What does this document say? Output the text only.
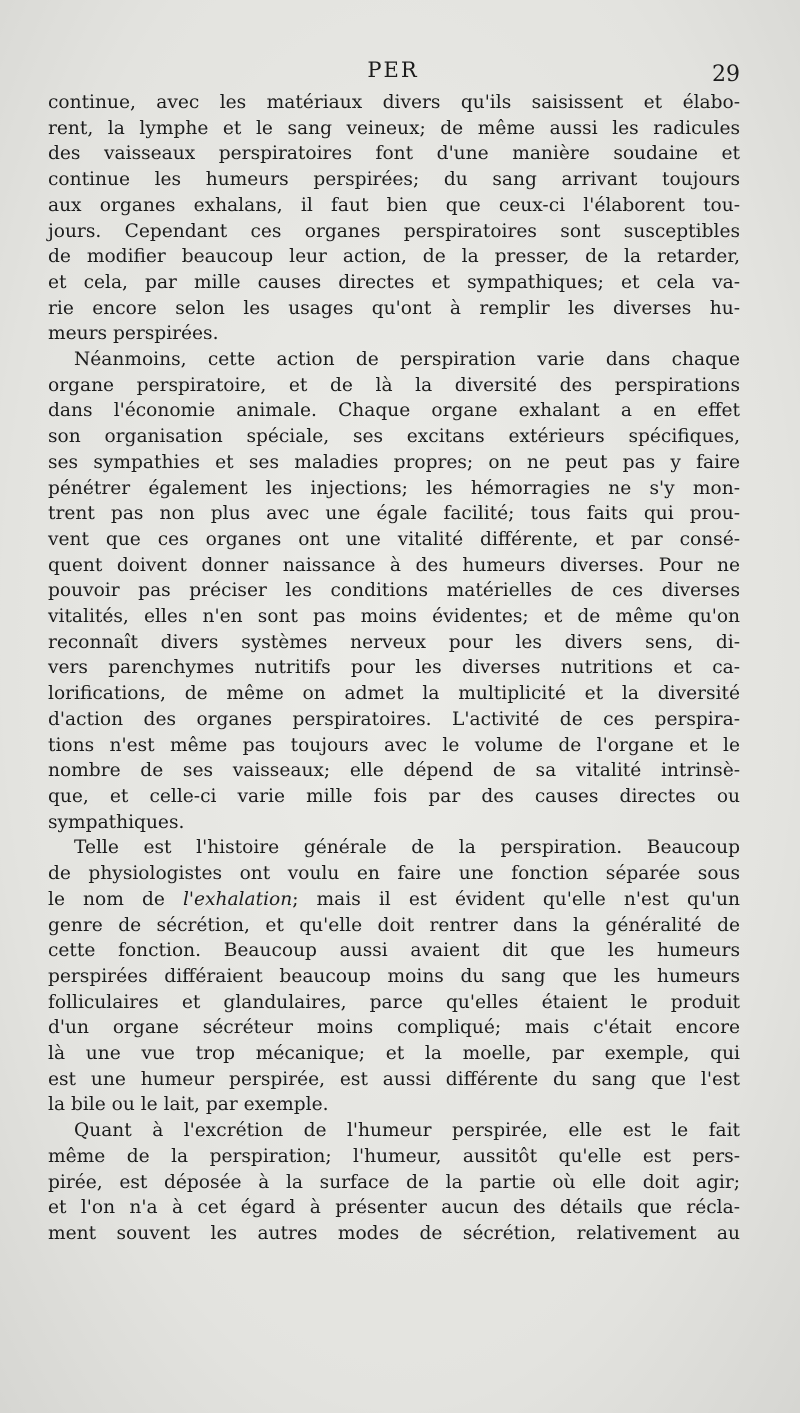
PER	29

continue, avec les matériaux divers qu'ils saisissent et élabo-
rent, la lymphe et le sang veineux; de même aussi les radicules
des vaisseaux perspiratoires font d'une manière soudaine et
continue les humeurs perspirées; du sang arrivant toujours
aux organes exhalans, il faut bien que ceux-ci l'élaborent tou-
jours. Cependant ces organes perspiratoires sont susceptibles
de modifier beaucoup leur action, de la presser, de la retarder,
et cela, par mille causes directes et sympathiques; et cela va-
rie encore selon les usages qu'ont à remplir les diverses hu-
meurs perspirées.

Néanmoins, cette action de perspiration varie dans chaque
organe perspiratoire, et de là la diversité des perspirations
dans l'économie animale. Chaque organe exhalant a en effet
son organisation spéciale, ses excitans extérieurs spécifiques,
ses sympathies et ses maladies propres; on ne peut pas y faire
pénétrer également les injections; les hémorragies ne s'y mon-
trent pas non plus avec une égale facilité; tous faits qui prou-
vent que ces organes ont une vitalité différente, et par consé-
quent doivent donner naissance à des humeurs diverses. Pour ne
pouvoir pas préciser les conditions matérielles de ces diverses
vitalités, elles n'en sont pas moins évidentes; et de même qu'on
reconnaît divers systèmes nerveux pour les divers sens, di-
vers parenchymes nutritifs pour les diverses nutritions et ca-
lorifications, de même on admet la multiplicité et la diversité
d'action des organes perspiratoires. L'activité de ces perspira-
tions n'est même pas toujours avec le volume de l'organe et le
nombre de ses vaisseaux; elle dépend de sa vitalité intrinsè-
que, et celle-ci varie mille fois par des causes directes ou
sympathiques.

Telle est l'histoire générale de la perspiration. Beaucoup
de physiologistes ont voulu en faire une fonction séparée sous
le nom de l'exhalation; mais il est évident qu'elle n'est qu'un
genre de sécrétion, et qu'elle doit rentrer dans la généralité de
cette fonction. Beaucoup aussi avaient dit que les humeurs
perspirées différaient beaucoup moins du sang que les humeurs
folliculaires et glandulaires, parce qu'elles étaient le produit
d'un organe sécréteur moins compliqué; mais c'était encore
là une vue trop mécanique; et la moelle, par exemple, qui
est une humeur perspirée, est aussi différente du sang que l'est
la bile ou le lait, par exemple.

Quant à l'excrétion de l'humeur perspirée, elle est le fait
même de la perspiration; l'humeur, aussitôt qu'elle est pers-
pirée, est déposée à la surface de la partie où elle doit agir;
et l'on n'a à cet égard à présenter aucun des détails que récla-
ment souvent les autres modes de sécrétion, relativement au
